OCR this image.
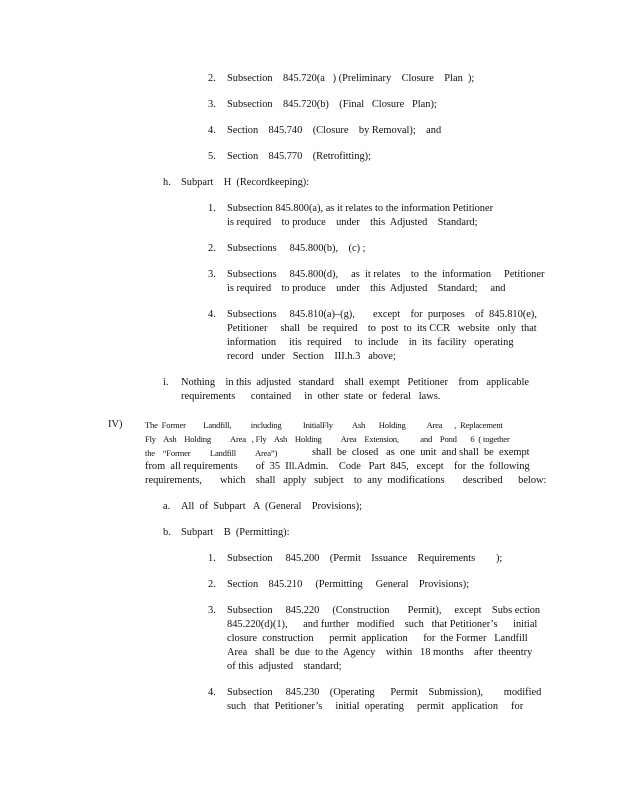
2. Subsection    845.720(a   ) (Preliminary    Closure    Plan  );
3. Subsection    845.720(b)    (Final   Closure   Plan);
4. Section    845.740    (Closure    by Removal);    and
5. Section    845.770    (Retrofitting);
h. Subpart    H  (Recordkeeping):
1. Subsection 845.800(a), as it relates to the information Petitioner
is required    to produce    under    this  Adjusted    Standard;
2. Subsections     845.800(b),    (c) ;
3. Subsections     845.800(d),     as  it relates    to  the  information     Petitioner
is required    to produce    under    this  Adjusted    Standard;     and
4. Subsections     845.810(a)–(g),       except    for  purposes    of  845.810(e),
Petitioner     shall   be  required    to  post  to  its CCR   website   only  that
information     itis  required     to  include    in  its  facility   operating
record   under   Section    III.h.3   above;
i. Nothing    in this  adjusted   standard    shall  exempt   Petitioner    from   applicable
requirements      contained     in  other  state  or  federal   laws.
IV)	The  Former         Landfill,          including           InitialFly          Ash       Holding           Area      ,  Replacement
Fly    Ash    Holding          Area   , Fly    Ash    Holding          Area    Extension,           and    Pond       6  ( together
the    “Former          Landfill          Area”)	shall  be  closed   as  one  unit  and shall  be  exempt
from  all requirements       of  35  Ill.Admin.    Code   Part  845,   except    for  the  following
requirements,       which    shall   apply   subject    to  any  modifications       described      below:
a. All  of  Subpart   A  (General    Provisions);
b. Subpart    B  (Permitting):
1. Subsection     845.200    (Permit    Issuance    Requirements        );
2. Section    845.210     (Permitting     General    Provisions);
3. Subsection     845.220     (Construction       Permit),     except    Subs ection
845.220(d)(1),      and further   modified    such   that Petitioner’s      initial
closure  construction      permit  application      for  the Former   Landfill
Area   shall  be  due  to the  Agency    within   18 months    after  theentry
of this  adjusted    standard;
4. Subsection     845.230    (Operating      Permit    Submission),        modified
such   that  Petitioner’s     initial  operating     permit   application     for
